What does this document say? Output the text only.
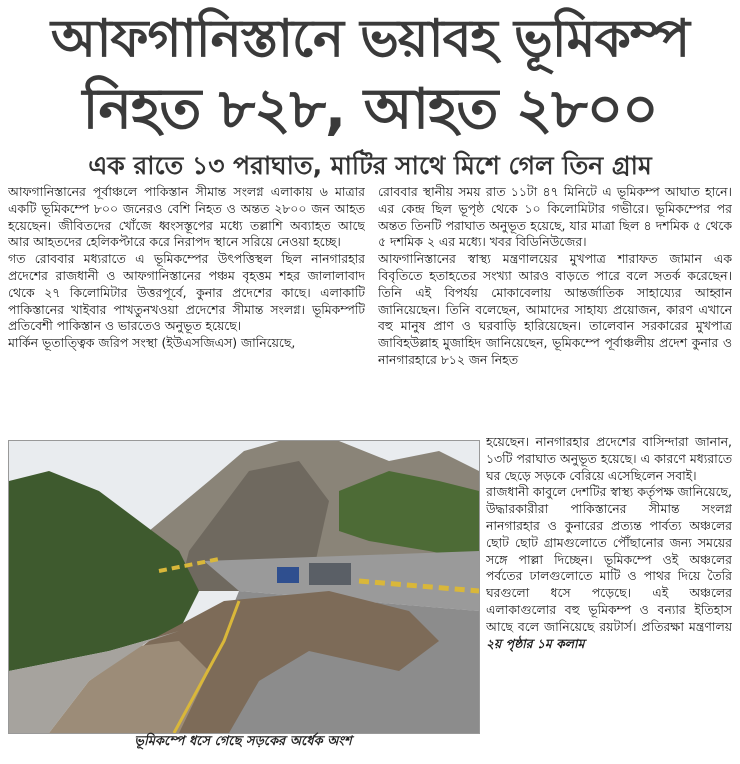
আফগানিস্তানে ভয়াবহ ভূমিকম্প
নিহত ৮২৮, আহত ২৮০০
এক রাতে ১৩ পরাঘাত, মাটির সাথে মিশে গেল তিন গ্রাম

আফগানিস্তানের পূর্বাঞ্চলে পাকিস্তান সীমান্ত সংলগ্ন এলাকায় ৬ মাত্রার একটি ভূমিকম্পে ৮০০ জনেরও বেশি নিহত ও অন্তত ২৮০০ জন আহত হয়েছেন। জীবিতদের খোঁজে ধ্বংসস্তূপের মধ্যে তল্লাশি অব্যাহত আছে আর আহতদের হেলিকপ্টারে করে নিরাপদ স্থানে সরিয়ে নেওয়া হচ্ছে।

গত রোববার মধ্যরাতে এ ভূমিকম্পের উৎপত্তিস্থল ছিল নানগারহার প্রদেশের রাজধানী ও আফগানিস্তানের পঞ্চম বৃহত্তম শহর জালালাবাদ থেকে ২৭ কিলোমিটার উত্তরপূর্বে, কুনার প্রদেশের কাছে। এলাকাটি পাকিস্তানের খাইবার পাখতুনখওয়া প্রদেশের সীমান্ত সংলগ্ন। ভূমিকম্পটি প্রতিবেশী পাকিস্তান ও ভারতেও অনুভূত হয়েছে।

মার্কিন ভূতাত্ত্বিক জরিপ সংস্থা (ইউএসজিএস) জানিয়েছে,

রোববার স্থানীয় সময় রাত ১১টা ৪৭ মিনিটে এ ভূমিকম্প আঘাত হানে। এর কেন্দ্র ছিল ভূপৃষ্ঠ থেকে ১০ কিলোমিটার গভীরে। ভূমিকম্পের পর অন্তত তিনটি পরাঘাত অনুভূত হয়েছে, যার মাত্রা ছিল ৪ দশমিক ৫ থেকে ৫ দশমিক ২ এর মধ্যে। খবর বিডিনিউজের।

আফগানিস্তানের স্বাস্থ্য মন্ত্রণালয়ের মুখপাত্র শারাফত জামান এক বিবৃতিতে হতাহতের সংখ্যা আরও বাড়তে পারে বলে সতর্ক করেছেন। তিনি এই বিপর্যয় মোকাবেলায় আন্তর্জাতিক সাহায্যের আহ্বান জানিয়েছেন। তিনি বলেছেন, আমাদের সাহায্য প্রয়োজন, কারণ এখানে বহু মানুষ প্রাণ ও ঘরবাড়ি হারিয়েছেন। তালেবান সরকারের মুখপাত্র জাবিহউল্লাহ মুজাহিদ জানিয়েছেন, ভূমিকম্পে পূর্বাঞ্চলীয় প্রদেশ কুনার ও নানগারহারে ৮১২ জন নিহত

ভূমিকম্পে ধসে গেছে সড়কের অর্ধেক অংশ

হয়েছেন। নানগারহার প্রদেশের বাসিন্দারা জানান, ১৩টি পরাঘাত অনুভূত হয়েছে। এ কারণে মধ্যরাতে ঘর ছেড়ে সড়কে বেরিয়ে এসেছিলেন সবাই।

রাজধানী কাবুলে দেশটির স্বাস্থ্য কর্তৃপক্ষ জানিয়েছে, উদ্ধারকারীরা পাকিস্তানের সীমান্ত সংলগ্ন নানগারহার ও কুনারের প্রত্যন্ত পার্বত্য অঞ্চলের ছোট ছোট গ্রামগুলোতে পৌঁছানোর জন্য সময়ের সঙ্গে পাল্লা দিচ্ছেন। ভূমিকম্পে ওই অঞ্চলের পর্বতের ঢালগুলোতে মাটি ও পাথর দিয়ে তৈরি ঘরগুলো ধসে পড়েছে। এই অঞ্চলের এলাকাগুলোর বহু ভূমিকম্প ও বন্যার ইতিহাস আছে বলে জানিয়েছে রয়টার্স। প্রতিরক্ষা মন্ত্রণালয় ২য় পৃষ্ঠার ১ম কলাম
